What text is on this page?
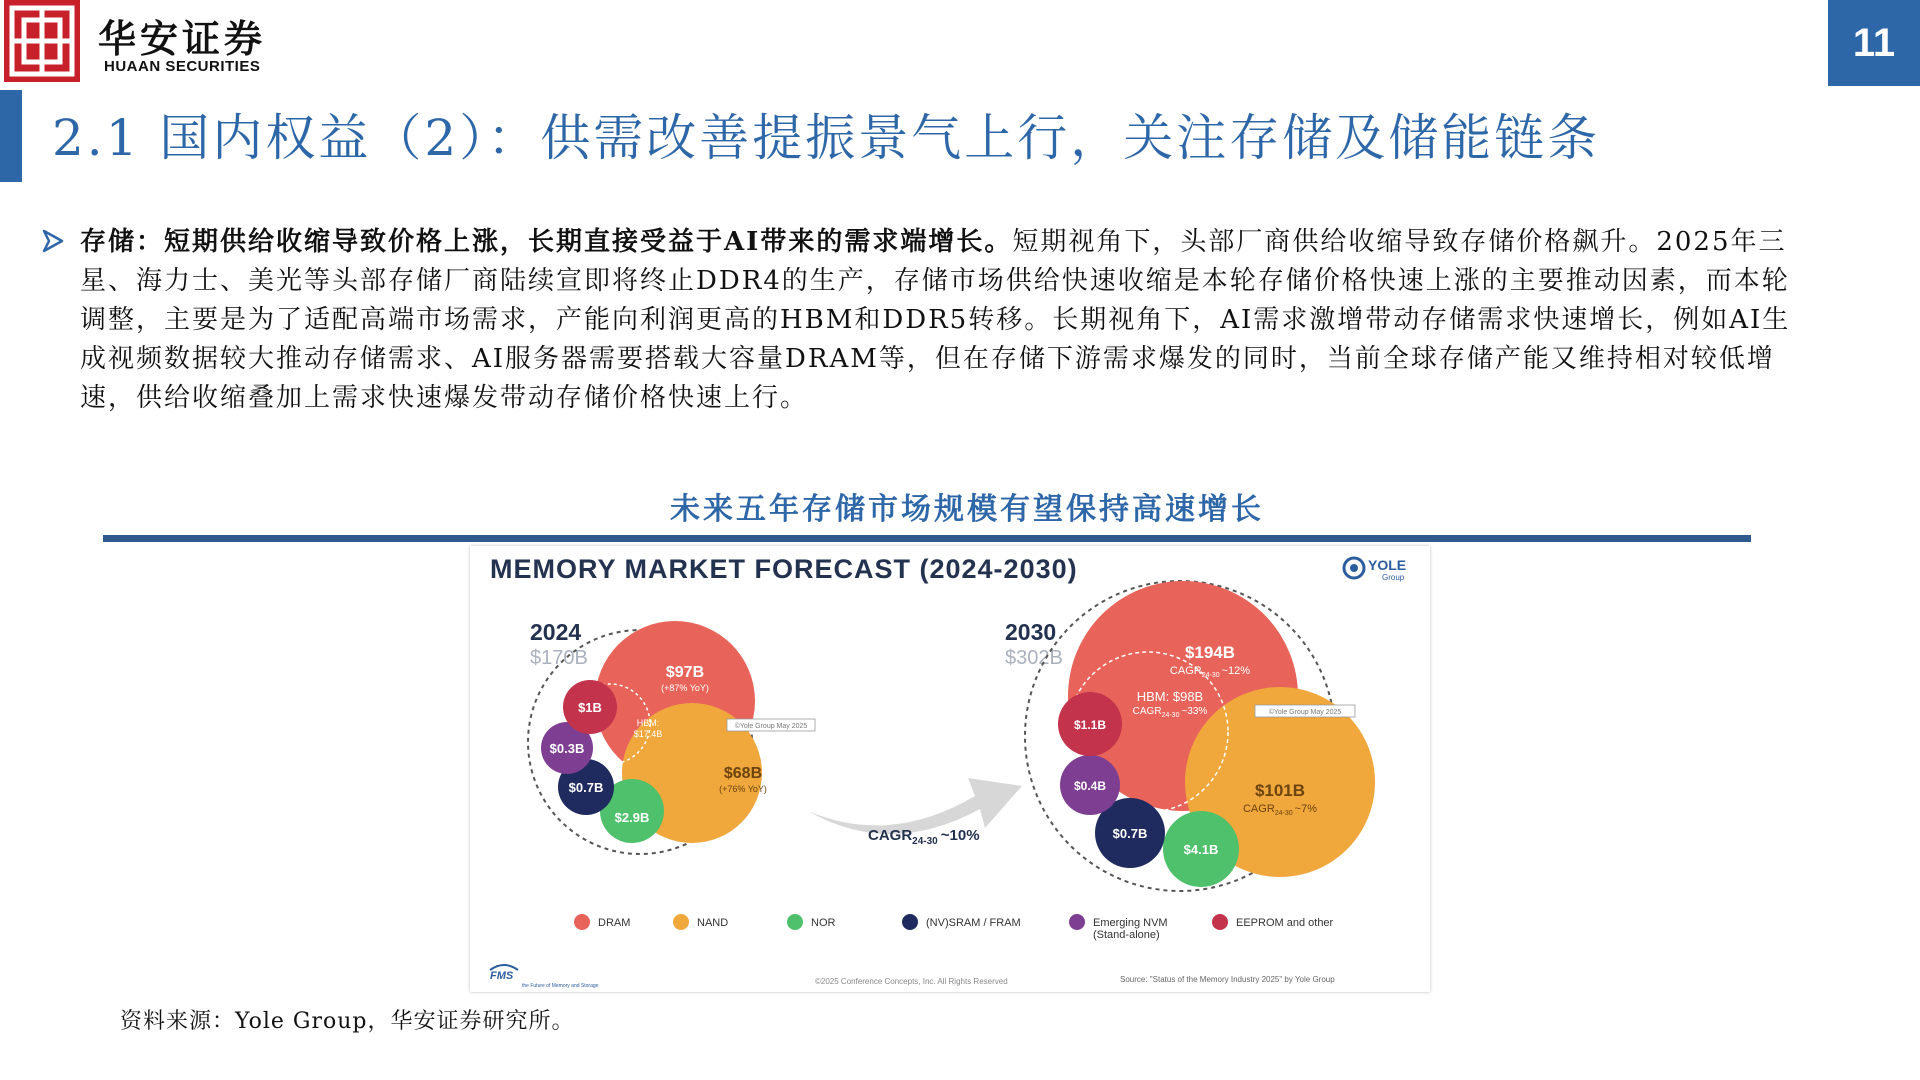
华安证券
HUAAN SECURITIES
11
2.1 国内权益（2）：供需改善提振景气上行，关注存储及储能链条
存储：短期供给收缩导致价格上涨，长期直接受益于AI带来的需求端增长。短期视角下，头部厂商供给收缩导致存储价格飙升。2025年三星、海力士、美光等头部存储厂商陆续宣即将终止DDR4的生产，存储市场供给快速收缩是本轮存储价格快速上涨的主要推动因素，而本轮调整，主要是为了适配高端市场需求，产能向利润更高的HBM和DDR5转移。长期视角下，AI需求激增带动存储需求快速增长，例如AI生成视频数据较大推动存储需求、AI服务器需要搭载大容量DRAM等，但在存储下游需求爆发的同时，当前全球存储产能又维持相对较低增速，供给收缩叠加上需求快速爆发带动存储价格快速上行。
未来五年存储市场规模有望保持高速增长
MEMORY MARKET FORECAST (2024-2030)	YOLE
Group
2024
$170B
$97B
(+87% YoY)
HBM:
$17.4B
©Yole Group May 2025
$68B
(+76% YoY)
$1B
$0.3B
$0.7B
$2.9B
$CAGR_{24-30}$ ~10%
2030
$302B	$194B
$CAGR_{24-30}$ ~12%
HBM: $98B
$CAGR_{24-30}$ ~33%	©Yole Group May 2025
$101B
$CAGR_{24-30}$ ~7%
$1.1B
$0.4B
$0.7B
$4.1B
DRAM	NAND	NOR	(NV)SRAM / FRAM	Emerging NVM
(Stand-alone)
EEPROM and other
FMS
the Future of Memory and Storage	©2025 Conference Concepts, Inc. All Rights Reserved	Source: "Status of the Memory Industry 2025" by Yole Group
资料来源：Yole Group，华安证券研究所。
